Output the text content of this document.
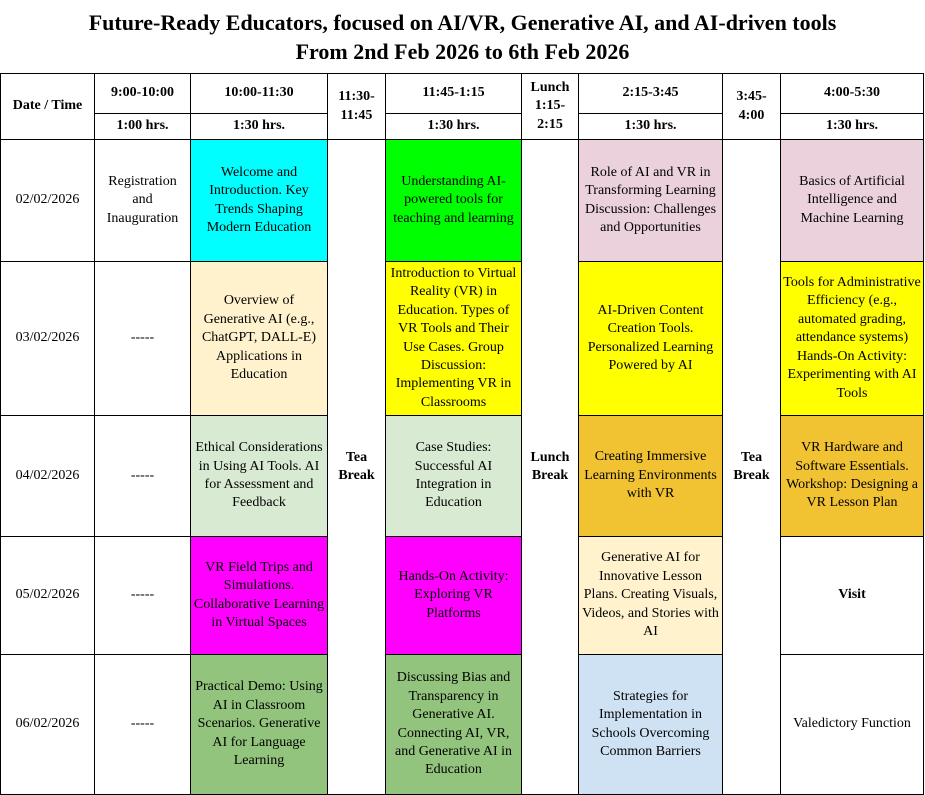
Future-Ready Educators, focused on AI/VR, Generative AI, and AI-driven tools
From 2nd Feb 2026 to 6th Feb 2026
Date / Time	9:00-10:00	10:00-11:30	11:30-11:45	11:45-1:15	Lunch 1:15-2:15	2:15-3:45	3:45-4:00	4:00-5:30
	1:00 hrs.	1:30 hrs.		1:30 hrs.		1:30 hrs.		1:30 hrs.
02/02/2026	Registration and Inauguration	Welcome and Introduction. Key Trends Shaping Modern Education	Tea Break	Understanding AI-powered tools for teaching and learning	Lunch Break	Role of AI and VR in Transforming Learning Discussion: Challenges and Opportunities	Tea Break	Basics of Artificial Intelligence and Machine Learning
03/02/2026	-----	Overview of Generative AI (e.g., ChatGPT, DALL-E) Applications in Education		Introduction to Virtual Reality (VR) in Education. Types of VR Tools and Their Use Cases. Group Discussion: Implementing VR in Classrooms		AI-Driven Content Creation Tools. Personalized Learning Powered by AI		Tools for Administrative Efficiency (e.g., automated grading, attendance systems) Hands-On Activity: Experimenting with AI Tools
04/02/2026	-----	Ethical Considerations in Using AI Tools. AI for Assessment and Feedback		Case Studies: Successful AI Integration in Education		Creating Immersive Learning Environments with VR		VR Hardware and Software Essentials. Workshop: Designing a VR Lesson Plan
05/02/2026	-----	VR Field Trips and Simulations. Collaborative Learning in Virtual Spaces		Hands-On Activity: Exploring VR Platforms		Generative AI for Innovative Lesson Plans. Creating Visuals, Videos, and Stories with AI		Visit
06/02/2026	-----	Practical Demo: Using AI in Classroom Scenarios. Generative AI for Language Learning		Discussing Bias and Transparency in Generative AI. Connecting AI, VR, and Generative AI in Education		Strategies for Implementation in Schools Overcoming Common Barriers		Valedictory Function
